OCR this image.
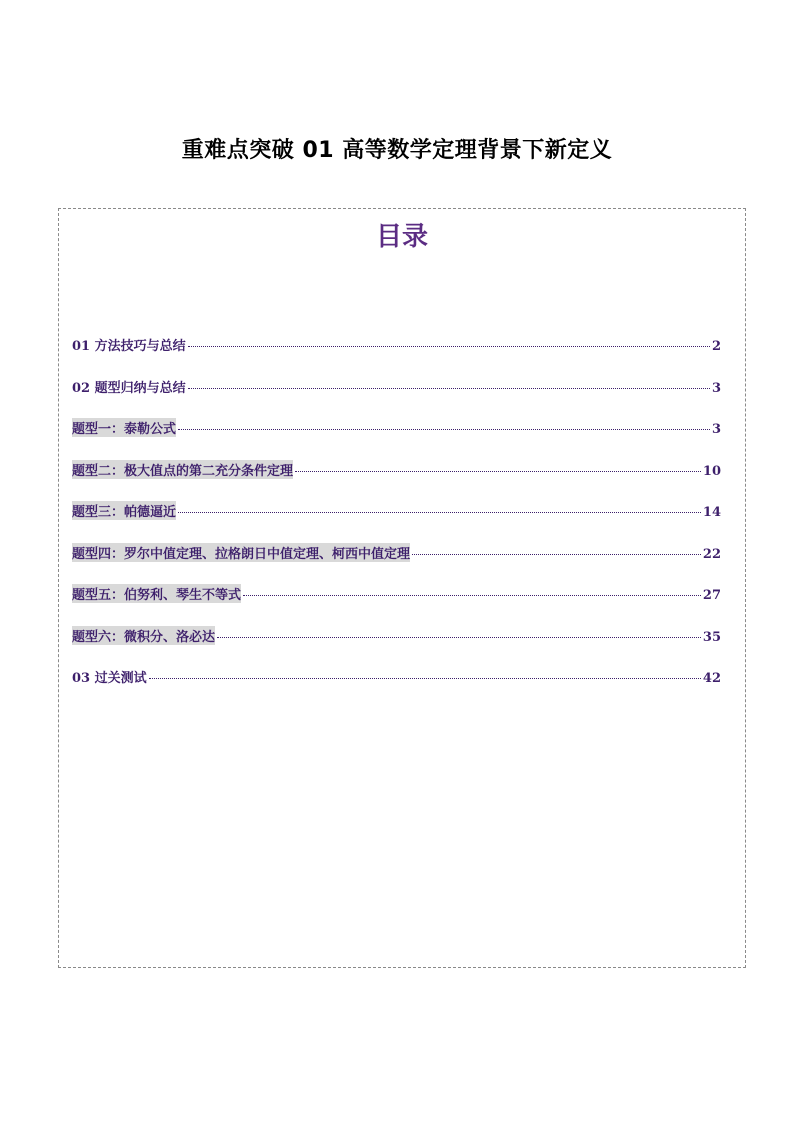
重难点突破 01 高等数学定理背景下新定义
目录
01 方法技巧与总结	2
02 题型归纳与总结	3
题型一：泰勒公式	3
题型二：极大值点的第二充分条件定理	10
题型三：帕德逼近	14
题型四：罗尔中值定理、拉格朗日中值定理、柯西中值定理	22
题型五：伯努利、琴生不等式	27
题型六：微积分、洛必达	35
03 过关测试	42
